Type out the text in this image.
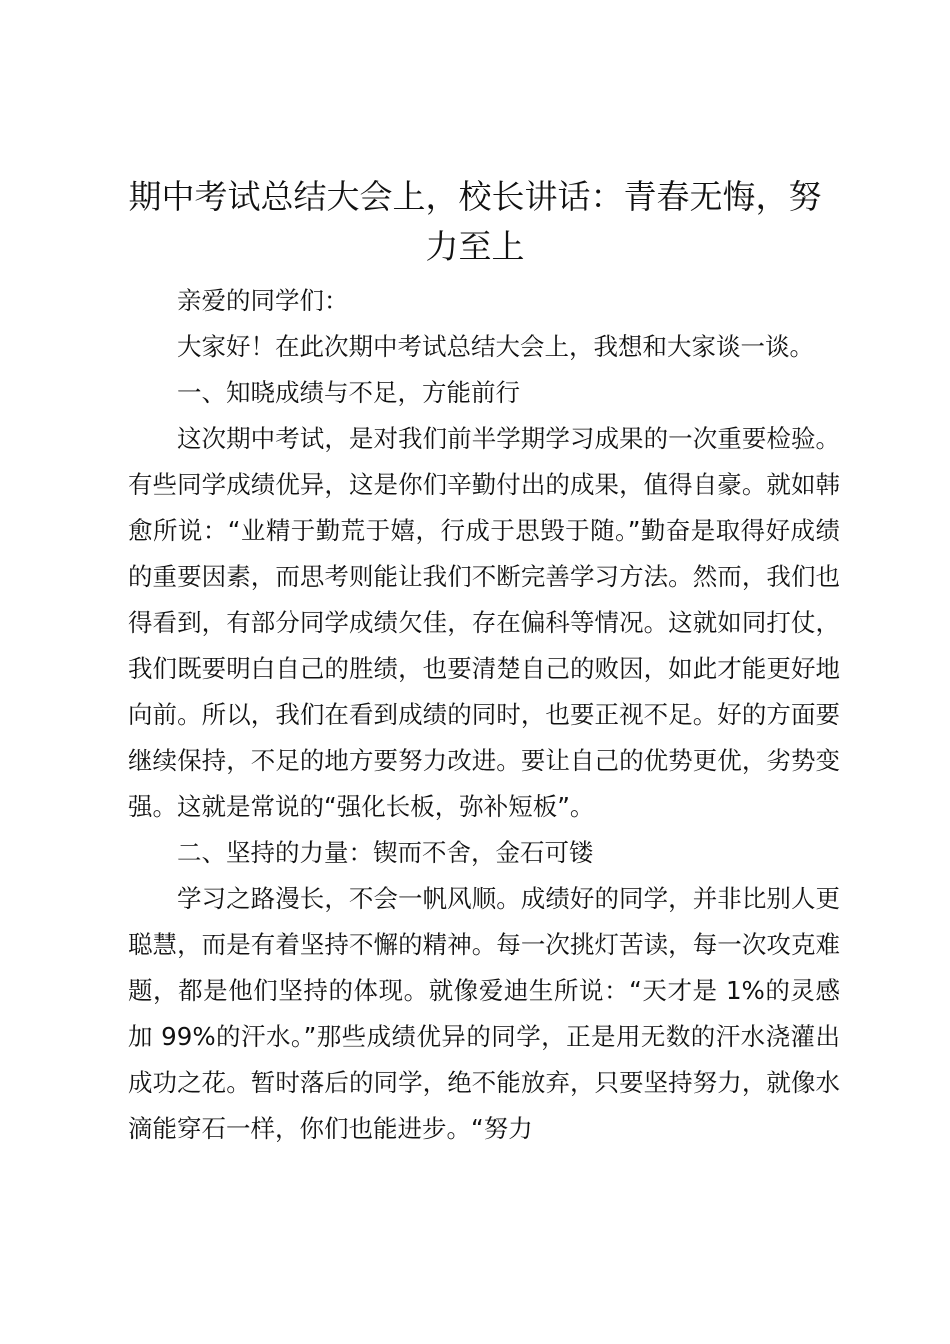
期中考试总结大会上，校长讲话：青春无悔，努力至上

亲爱的同学们：

大家好！在此次期中考试总结大会上，我想和大家谈一谈。

一、知晓成绩与不足，方能前行

这次期中考试，是对我们前半学期学习成果的一次重要检验。有些同学成绩优异，这是你们辛勤付出的成果，值得自豪。就如韩愈所说：“业精于勤荒于嬉，行成于思毁于随。”勤奋是取得好成绩的重要因素，而思考则能让我们不断完善学习方法。然而，我们也得看到，有部分同学成绩欠佳，存在偏科等情况。这就如同打仗，我们既要明白自己的胜绩，也要清楚自己的败因，如此才能更好地向前。所以，我们在看到成绩的同时，也要正视不足。好的方面要继续保持，不足的地方要努力改进。要让自己的优势更优，劣势变强。这就是常说的“强化长板，弥补短板”。

二、坚持的力量：锲而不舍，金石可镂

学习之路漫长，不会一帆风顺。成绩好的同学，并非比别人更聪慧，而是有着坚持不懈的精神。每一次挑灯苦读，每一次攻克难题，都是他们坚持的体现。就像爱迪生所说：“天才是 1%的灵感加 99%的汗水。”那些成绩优异的同学，正是用无数的汗水浇灌出成功之花。暂时落后的同学，绝不能放弃，只要坚持努力，就像水滴能穿石一样，你们也能进步。“努力
